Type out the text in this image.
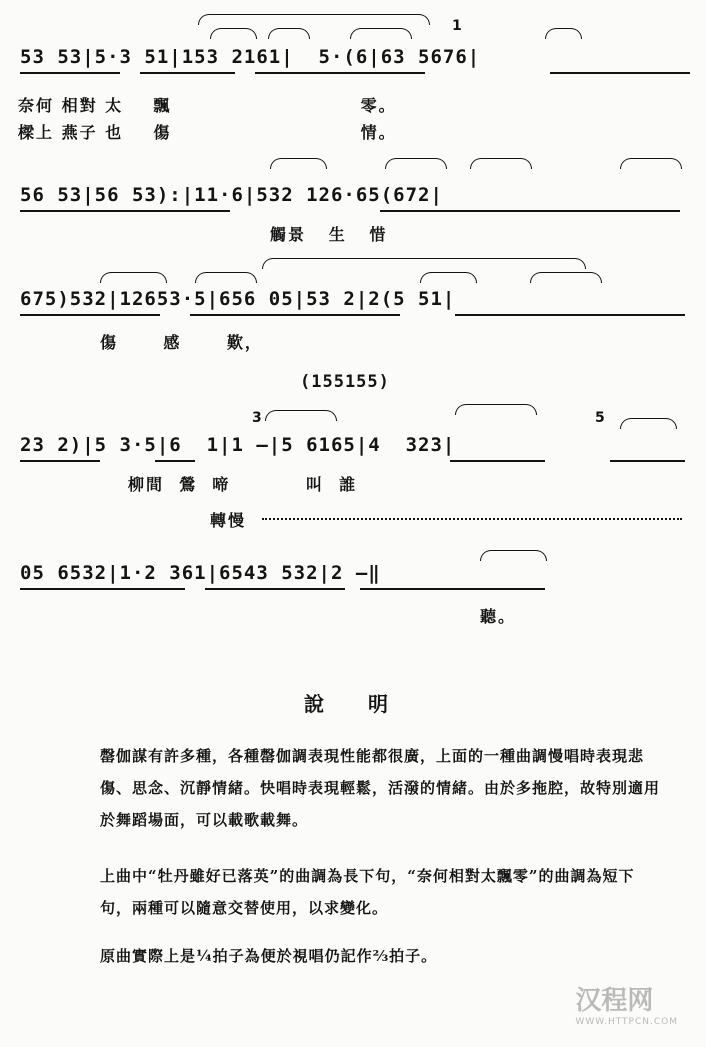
1
53 53|5·3 51|153 2161|  5·(6|63 5676|
奈何 相對 太    飄                         零。
樑上 燕子 也    傷                         情。
56 53|56 53):|11·6|532 126·65(672|
觸景   生   惜
675)532|12653·5|656 05|53 2|2(5 51|
傷      感      歎，
(155155)
3	5
23 2)|5 3·5|6  1|1 —|5 6165|4  323|
柳間  鶯  啼          叫  誰
轉慢
05 6532|1·2 361|6543 532|2 —‖
聽。
說明
罄伽謀有許多種，各種罄伽調表現性能都很廣，上面的一種曲調慢唱時表現悲傷、思念、沉靜情緒。快唱時表現輕鬆，活潑的情緒。由於多拖腔，故特別適用於舞蹈場面，可以載歌載舞。
上曲中“牡丹雖好已落英”的曲調為長下句，“奈何相對太飄零”的曲調為短下句，兩種可以隨意交替使用，以求變化。
原曲實際上是¼拍子為便於視唱仍記作⅔拍子。
汉程网
WWW.HTTPCN.COM
